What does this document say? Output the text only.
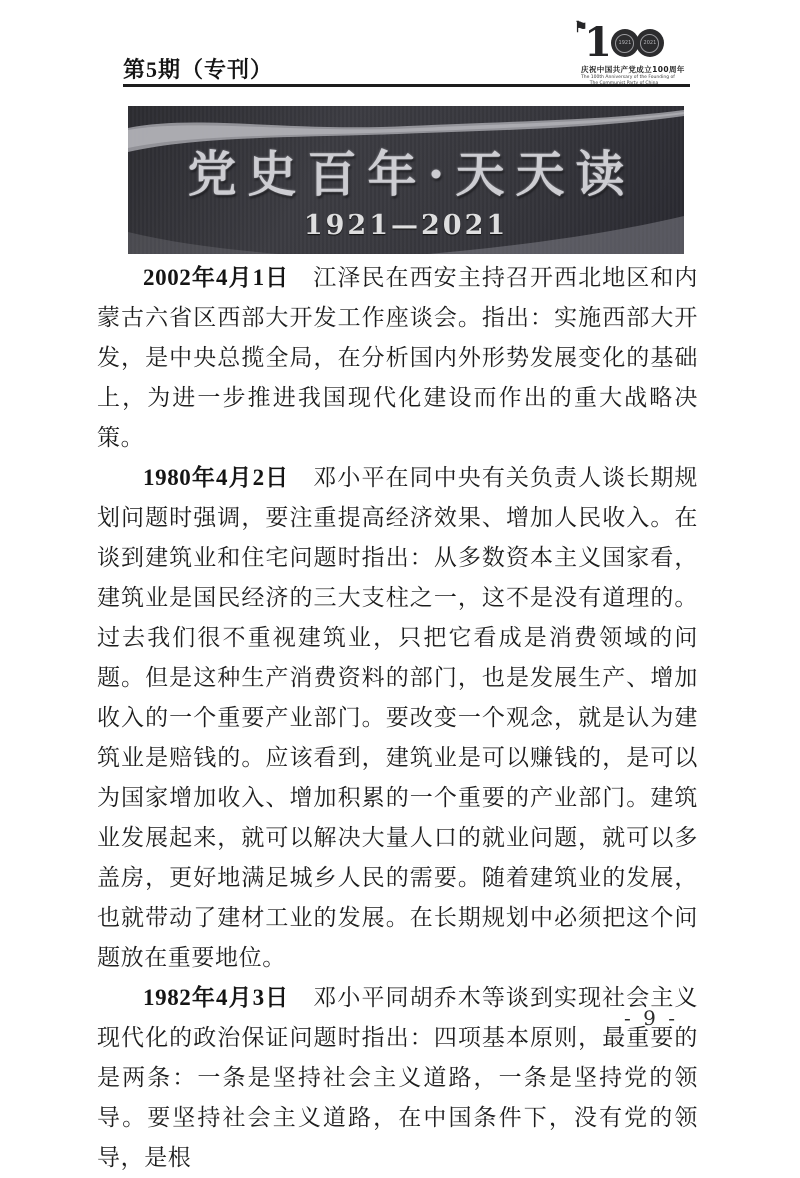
第5期（专刊）
⚑
1	1921	2021
庆祝中国共产党成立100周年
The 100th Anniversary of the Founding of

党史百年·天天读
1921—2021

2002年4月1日　江泽民在西安主持召开西北地区和内蒙古六省区西部大开发工作座谈会。指出：实施西部大开发，是中央总揽全局，在分析国内外形势发展变化的基础上，为进一步推进我国现代化建设而作出的重大战略决策。

1980年4月2日　邓小平在同中央有关负责人谈长期规划问题时强调，要注重提高经济效果、增加人民收入。在谈到建筑业和住宅问题时指出：从多数资本主义国家看，建筑业是国民经济的三大支柱之一，这不是没有道理的。过去我们很不重视建筑业，只把它看成是消费领域的问题。但是这种生产消费资料的部门，也是发展生产、增加收入的一个重要产业部门。要改变一个观念，就是认为建筑业是赔钱的。应该看到，建筑业是可以赚钱的，是可以为国家增加收入、增加积累的一个重要的产业部门。建筑业发展起来，就可以解决大量人口的就业问题，就可以多盖房，更好地满足城乡人民的需要。随着建筑业的发展，也就带动了建材工业的发展。在长期规划中必须把这个问题放在重要地位。

1982年4月3日　邓小平同胡乔木等谈到实现社会主义现代化的政治保证问题时指出：四项基本原则，最重要的是两条：一条是坚持社会主义道路，一条是坚持党的领导。要坚持社会主义道路，在中国条件下，没有党的领导，是根

- 9 -
